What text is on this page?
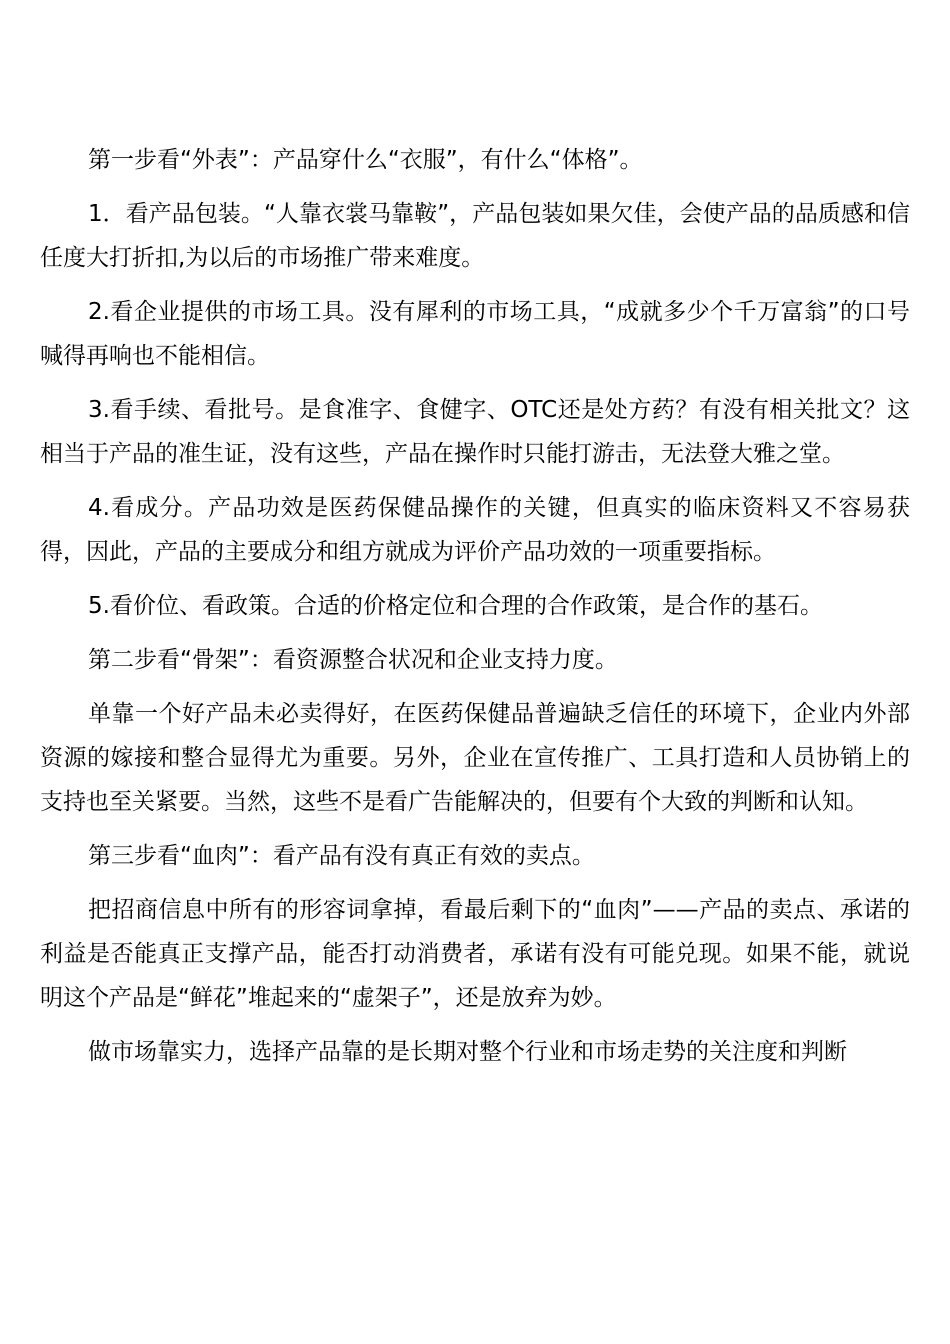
第一步看“外表”：产品穿什么“衣服”，有什么“体格”。

1．看产品包装。“人靠衣裳马靠鞍”，产品包装如果欠佳，会使产品的品质感和信任度大打折扣,为以后的市场推广带来难度。

2.看企业提供的市场工具。没有犀利的市场工具，“成就多少个千万富翁”的口号喊得再响也不能相信。

3.看手续、看批号。是食准字、食健字、OTC还是处方药？有没有相关批文？这相当于产品的准生证，没有这些，产品在操作时只能打游击，无法登大雅之堂。

4.看成分。产品功效是医药保健品操作的关键，但真实的临床资料又不容易获得，因此，产品的主要成分和组方就成为评价产品功效的一项重要指标。

5.看价位、看政策。合适的价格定位和合理的合作政策，是合作的基石。

第二步看“骨架”：看资源整合状况和企业支持力度。

单靠一个好产品未必卖得好，在医药保健品普遍缺乏信任的环境下，企业内外部资源的嫁接和整合显得尤为重要。另外，企业在宣传推广、工具打造和人员协销上的支持也至关紧要。当然，这些不是看广告能解决的，但要有个大致的判断和认知。

第三步看“血肉”：看产品有没有真正有效的卖点。

把招商信息中所有的形容词拿掉，看最后剩下的“血肉”——产品的卖点、承诺的利益是否能真正支撑产品，能否打动消费者，承诺有没有可能兑现。如果不能，就说明这个产品是“鲜花”堆起来的“虚架子”，还是放弃为妙。

做市场靠实力，选择产品靠的是长期对整个行业和市场走势的关注度和判断
